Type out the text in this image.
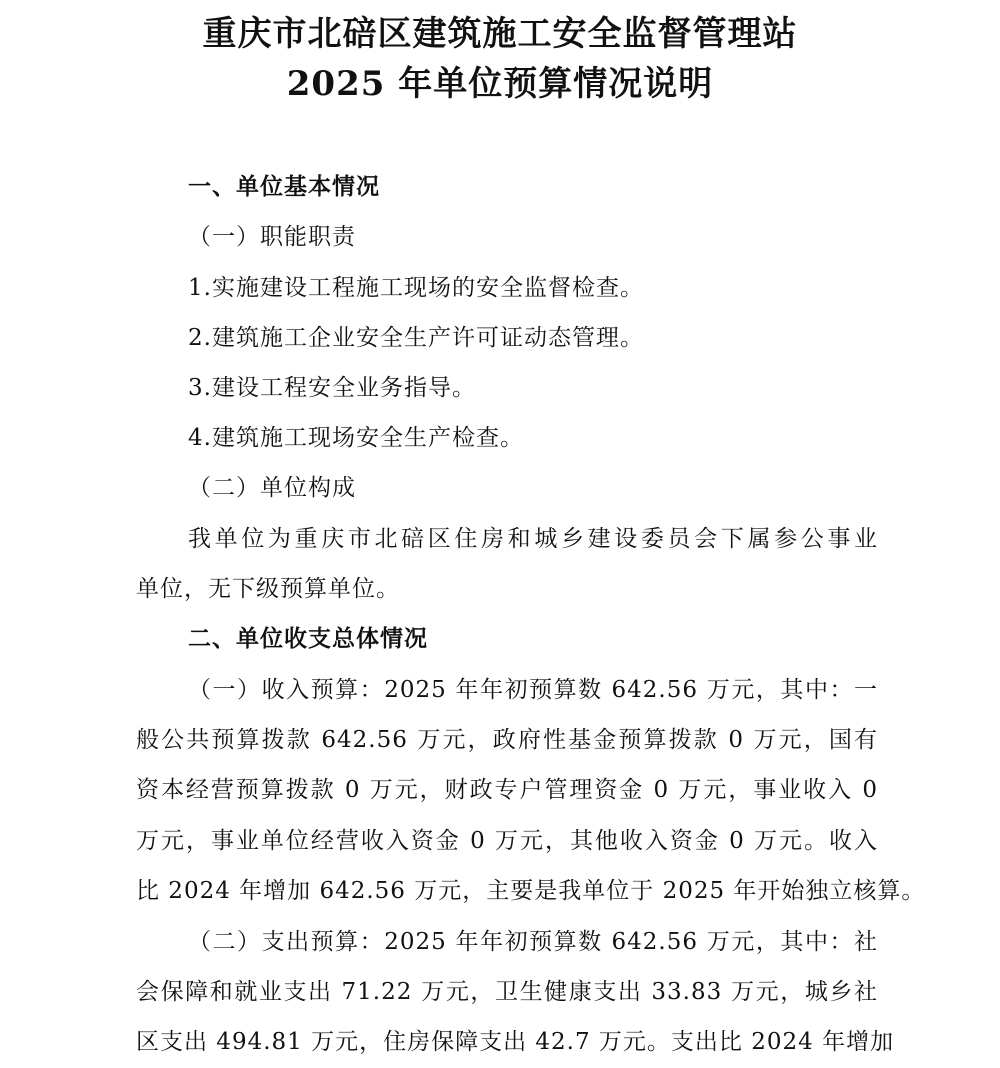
重庆市北碚区建筑施工安全监督管理站
2025 年单位预算情况说明
一、单位基本情况
（一）职能职责
1.实施建设工程施工现场的安全监督检查。
2.建筑施工企业安全生产许可证动态管理。
3.建设工程安全业务指导。
4.建筑施工现场安全生产检查。
（二）单位构成
我单位为重庆市北碚区住房和城乡建设委员会下属参公事业
单位，无下级预算单位。
二、单位收支总体情况
（一）收入预算：2025 年年初预算数 642.56 万元，其中：一
般公共预算拨款 642.56 万元，政府性基金预算拨款 0 万元，国有
资本经营预算拨款 0 万元，财政专户管理资金 0 万元，事业收入 0
万元，事业单位经营收入资金 0 万元，其他收入资金 0 万元。收入
比 2024 年增加 642.56 万元，主要是我单位于 2025 年开始独立核算。
（二）支出预算：2025 年年初预算数 642.56 万元，其中：社
会保障和就业支出 71.22 万元，卫生健康支出 33.83 万元，城乡社
区支出 494.81 万元，住房保障支出 42.7 万元。支出比 2024 年增加
